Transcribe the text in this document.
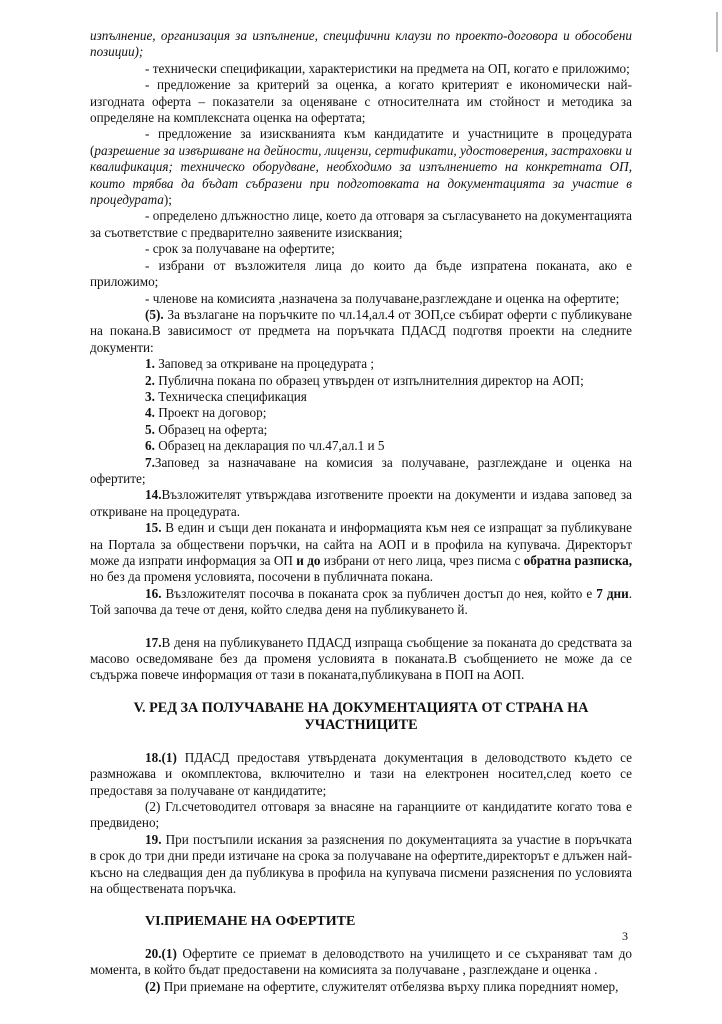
изпълнение, организация за изпълнение, специфични клаузи по проекто-договора и обособени позиции);

- технически спецификации, характеристики на предмета на ОП, когато е приложимо;

- предложение за критерий за оценка, а когато критерият е икономически най-изгодната оферта – показатели за оценяване с относителната им стойност и методика за определяне на комплексната оценка на офертата;

- предложение за изискванията към кандидатите и участниците в процедурата (разрешение за извършване на дейности, лицензи, сертификати, удостоверения, застраховки и квалификация; техническо оборудване, необходимо за изпълнението на конкретната ОП, които трябва да бъдат събразени при подготовката на документацията за участие в процедурата);

- определено длъжностно лице, което да отговаря за съгласуването на документацията за съответствие с предварително заявените изисквания;

- срок за получаване на офертите;

- избрани от възложителя лица до които да бъде изпратена поканата, ако е приложимо;

- членове на комисията ,назначена за получаване,разглеждане и оценка на офертите;

(5). За възлагане на поръчките по чл.14,ал.4 от ЗОП,се събират оферти с публикуване на покана.В зависимост от предмета на поръчката ПДАСД подготвя проекти на следните документи:

1. Заповед за откриване на процедурата ;

2. Публична покана по образец утвърден от изпълнителния директор на АОП;

3. Техническа спецификация

4. Проект на договор;

5. Образец на оферта;

6. Образец на декларация по чл.47,ал.1 и 5

7.Заповед за назначаване на комисия за получаване, разглеждане и оценка на офертите;

14.Възложителят утвърждава изготвените проекти на документи и издава заповед за откриване на процедурата.

15. В един и същи ден поканата и информацията към нея се изпращат за публикуване на Портала за обществени поръчки, на сайта на АОП и в профила на купувача. Директорът може да изпрати информация за ОП и до избрани от него лица, чрез писма с обратна разписка, но без да променя условията, посочени в публичната покана.

16. Възложителят посочва в поканата срок за публичен достъп до нея, който е 7 дни. Той започва да тече от деня, който следва деня на публикуването й.

17.В деня на публикуването ПДАСД изпраща съобщение за поканата до средствата за масово осведомяване без да променя условията в поканата.В съобщението не може да се съдържа повече информация от тази в поканата,публикувана в ПОП на АОП.

V. РЕД ЗА ПОЛУЧАВАНЕ НА ДОКУМЕНТАЦИЯТА ОТ СТРАНА НА УЧАСТНИЦИТЕ

18.(1) ПДАСД предоставя утвърдената документация в деловодството където се размножава и окомплектова, включително и тази на електронен носител,след което се предоставя за получаване от кандидатите;

(2) Гл.счетоводител отговаря за внасяне на гаранциите от кандидатите когато това е предвидено;

19. При постъпили искания за разяснения по документацията за участие в поръчката в срок до три дни преди изтичане на срока за получаване на офертите,директорът е длъжен най-късно на следващия ден да публикува в профила на купувача писмени разяснения по условията на обществената поръчка.

VI.ПРИЕМАНЕ НА ОФЕРТИТЕ

20.(1) Офертите се приемат в деловодството на училището и се съхраняват там до момента, в който бъдат предоставени на комисията за получаване , разглеждане и оценка .

(2) При приемане на офертите, служителят отбелязва върху плика поредният номер,

3
